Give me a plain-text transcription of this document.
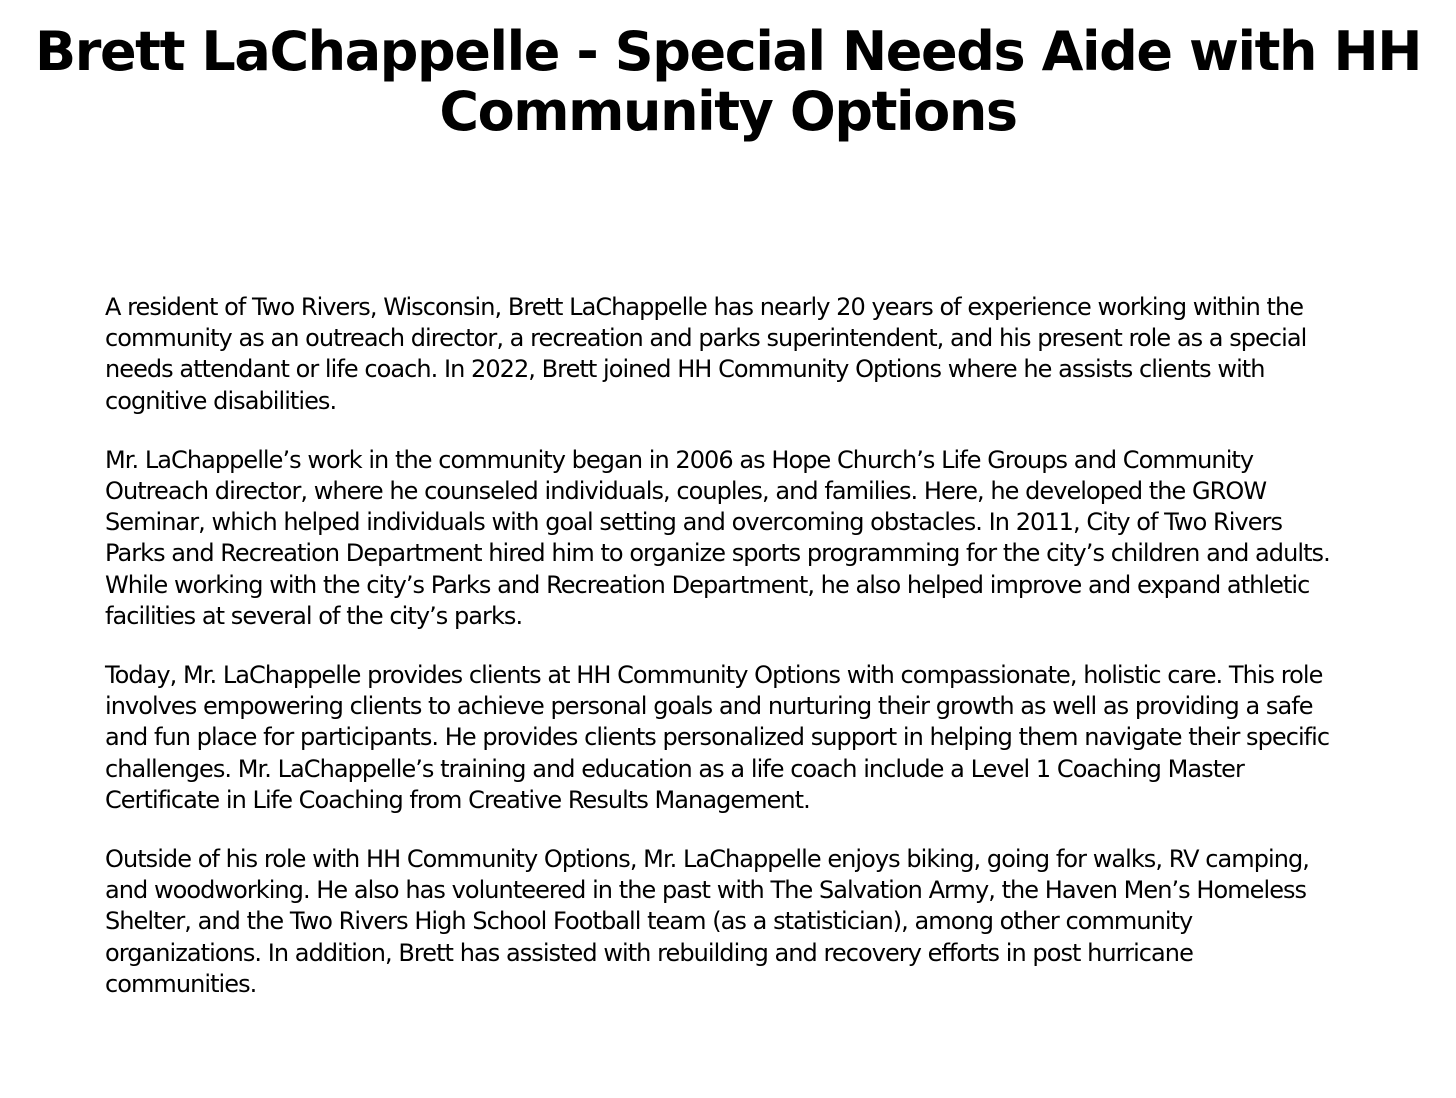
Brett LaChappelle - Special Needs Aide with HH Community Options

A resident of Two Rivers, Wisconsin, Brett LaChappelle has nearly 20 years of experience working within the community as an outreach director, a recreation and parks superintendent, and his present role as a special needs attendant or life coach. In 2022, Brett joined HH Community Options where he assists clients with cognitive disabilities.

Mr. LaChappelle’s work in the community began in 2006 as Hope Church’s Life Groups and Community Outreach director, where he counseled individuals, couples, and families. Here, he developed the GROW Seminar, which helped individuals with goal setting and overcoming obstacles. In 2011, City of Two Rivers Parks and Recreation Department hired him to organize sports programming for the city’s children and adults. While working with the city’s Parks and Recreation Department, he also helped improve and expand athletic facilities at several of the city’s parks.

Today, Mr. LaChappelle provides clients at HH Community Options with compassionate, holistic care. This role involves empowering clients to achieve personal goals and nurturing their growth as well as providing a safe and fun place for participants. He provides clients personalized support in helping them navigate their specific challenges. Mr. LaChappelle’s training and education as a life coach include a Level 1 Coaching Master Certificate in Life Coaching from Creative Results Management.

Outside of his role with HH Community Options, Mr. LaChappelle enjoys biking, going for walks, RV camping, and woodworking. He also has volunteered in the past with The Salvation Army, the Haven Men’s Homeless Shelter, and the Two Rivers High School Football team (as a statistician), among other community organizations. In addition, Brett has assisted with rebuilding and recovery efforts in post hurricane communities.
